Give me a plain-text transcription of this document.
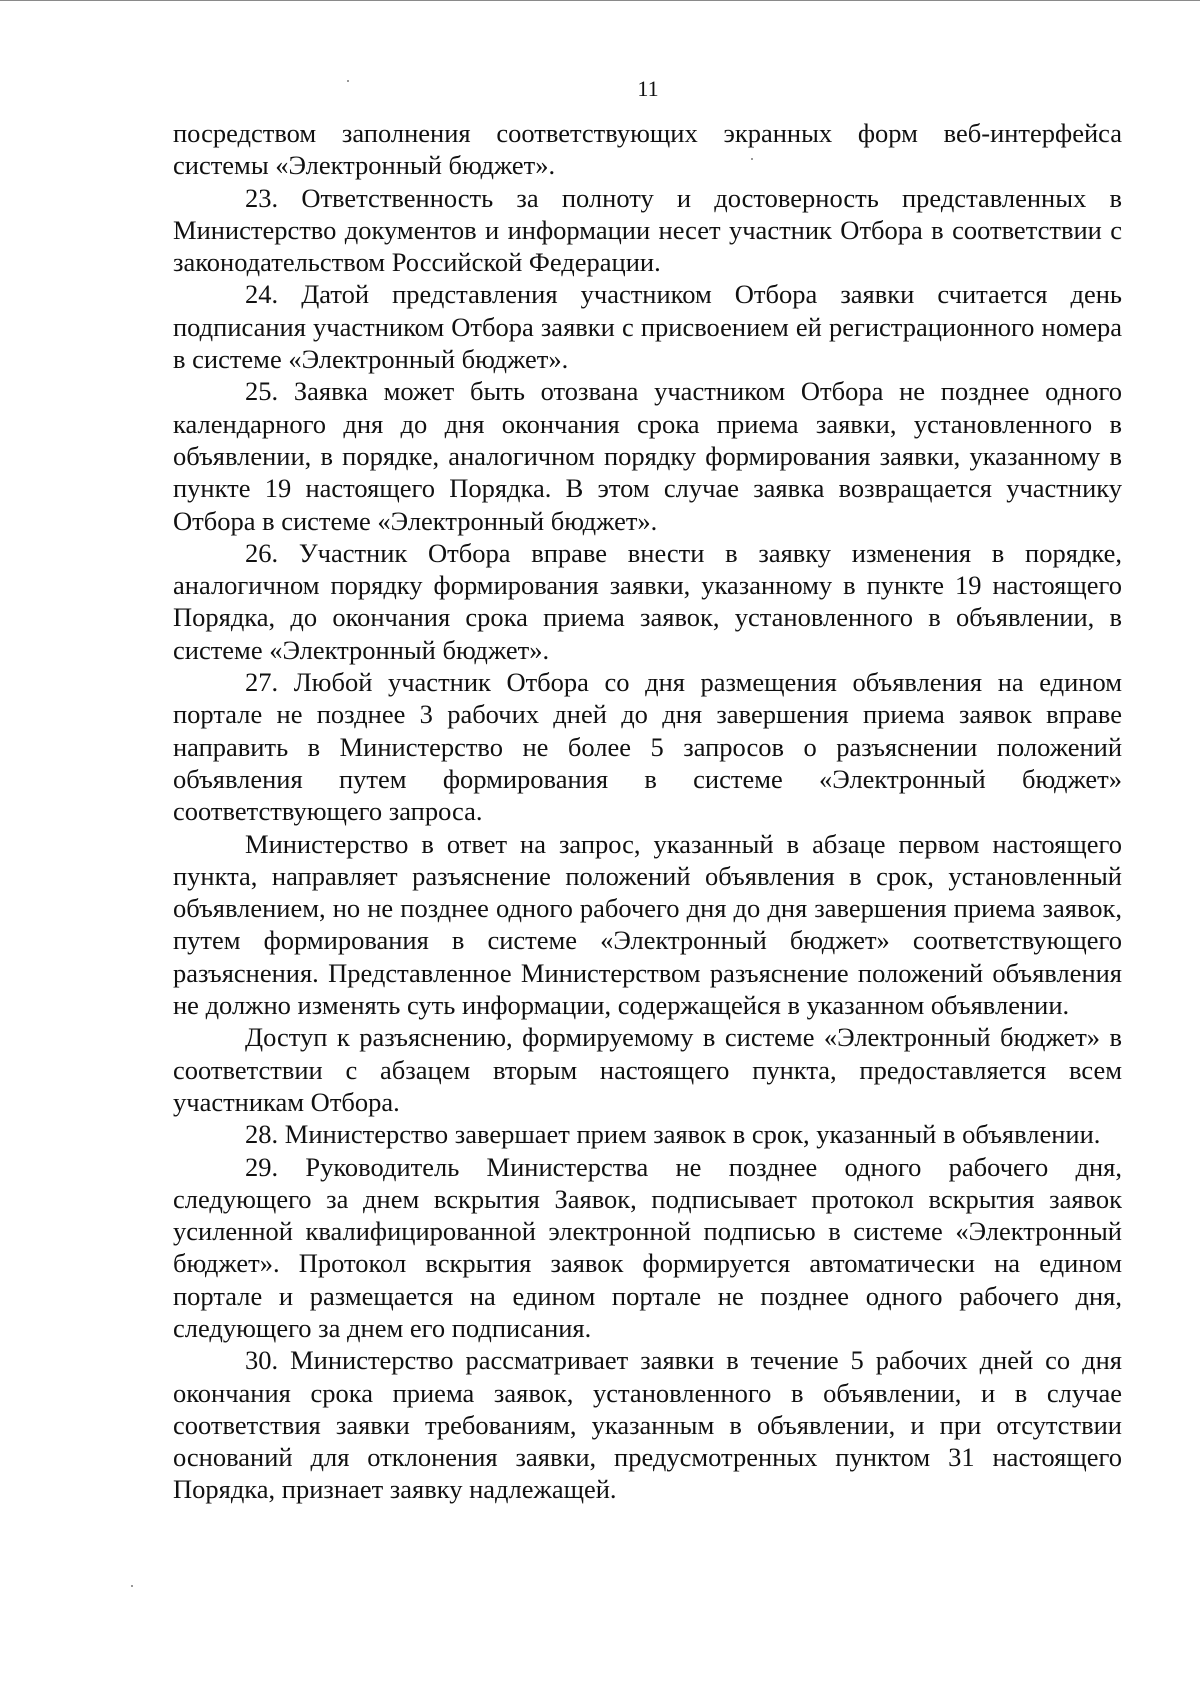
11

посредством заполнения соответствующих экранных форм веб-интерфейса системы «Электронный бюджет».

23. Ответственность за полноту и достоверность представленных в Министерство документов и информации несет участник Отбора в соответствии с законодательством Российской Федерации.

24. Датой представления участником Отбора заявки считается день подписания участником Отбора заявки с присвоением ей регистрационного номера в системе «Электронный бюджет».

25. Заявка может быть отозвана участником Отбора не позднее одного календарного дня до дня окончания срока приема заявки, установленного в объявлении, в порядке, аналогичном порядку формирования заявки, указанному в пункте 19 настоящего Порядка. В этом случае заявка возвращается участнику Отбора в системе «Электронный бюджет».

26. Участник Отбора вправе внести в заявку изменения в порядке, аналогичном порядку формирования заявки, указанному в пункте 19 настоящего Порядка, до окончания срока приема заявок, установленного в объявлении, в системе «Электронный бюджет».

27. Любой участник Отбора со дня размещения объявления на едином портале не позднее 3 рабочих дней до дня завершения приема заявок вправе направить в Министерство не более 5 запросов о разъяснении положений объявления путем формирования в системе «Электронный бюджет» соответствующего запроса.

Министерство в ответ на запрос, указанный в абзаце первом настоящего пункта, направляет разъяснение положений объявления в срок, установленный объявлением, но не позднее одного рабочего дня до дня завершения приема заявок, путем формирования в системе «Электронный бюджет» соответствующего разъяснения. Представленное Министерством разъяснение положений объявления не должно изменять суть информации, содержащейся в указанном объявлении.

Доступ к разъяснению, формируемому в системе «Электронный бюджет» в соответствии с абзацем вторым настоящего пункта, предоставляется всем участникам Отбора.

28. Министерство завершает прием заявок в срок, указанный в объявлении.

29. Руководитель Министерства не позднее одного рабочего дня, следующего за днем вскрытия Заявок, подписывает протокол вскрытия заявок усиленной квалифицированной электронной подписью в системе «Электронный бюджет». Протокол вскрытия заявок формируется автоматически на едином портале и размещается на едином портале не позднее одного рабочего дня, следующего за днем его подписания.

30. Министерство рассматривает заявки в течение 5 рабочих дней со дня окончания срока приема заявок, установленного в объявлении, и в случае соответствия заявки требованиям, указанным в объявлении, и при отсутствии оснований для отклонения заявки, предусмотренных пунктом 31 настоящего Порядка, признает заявку надлежащей.
